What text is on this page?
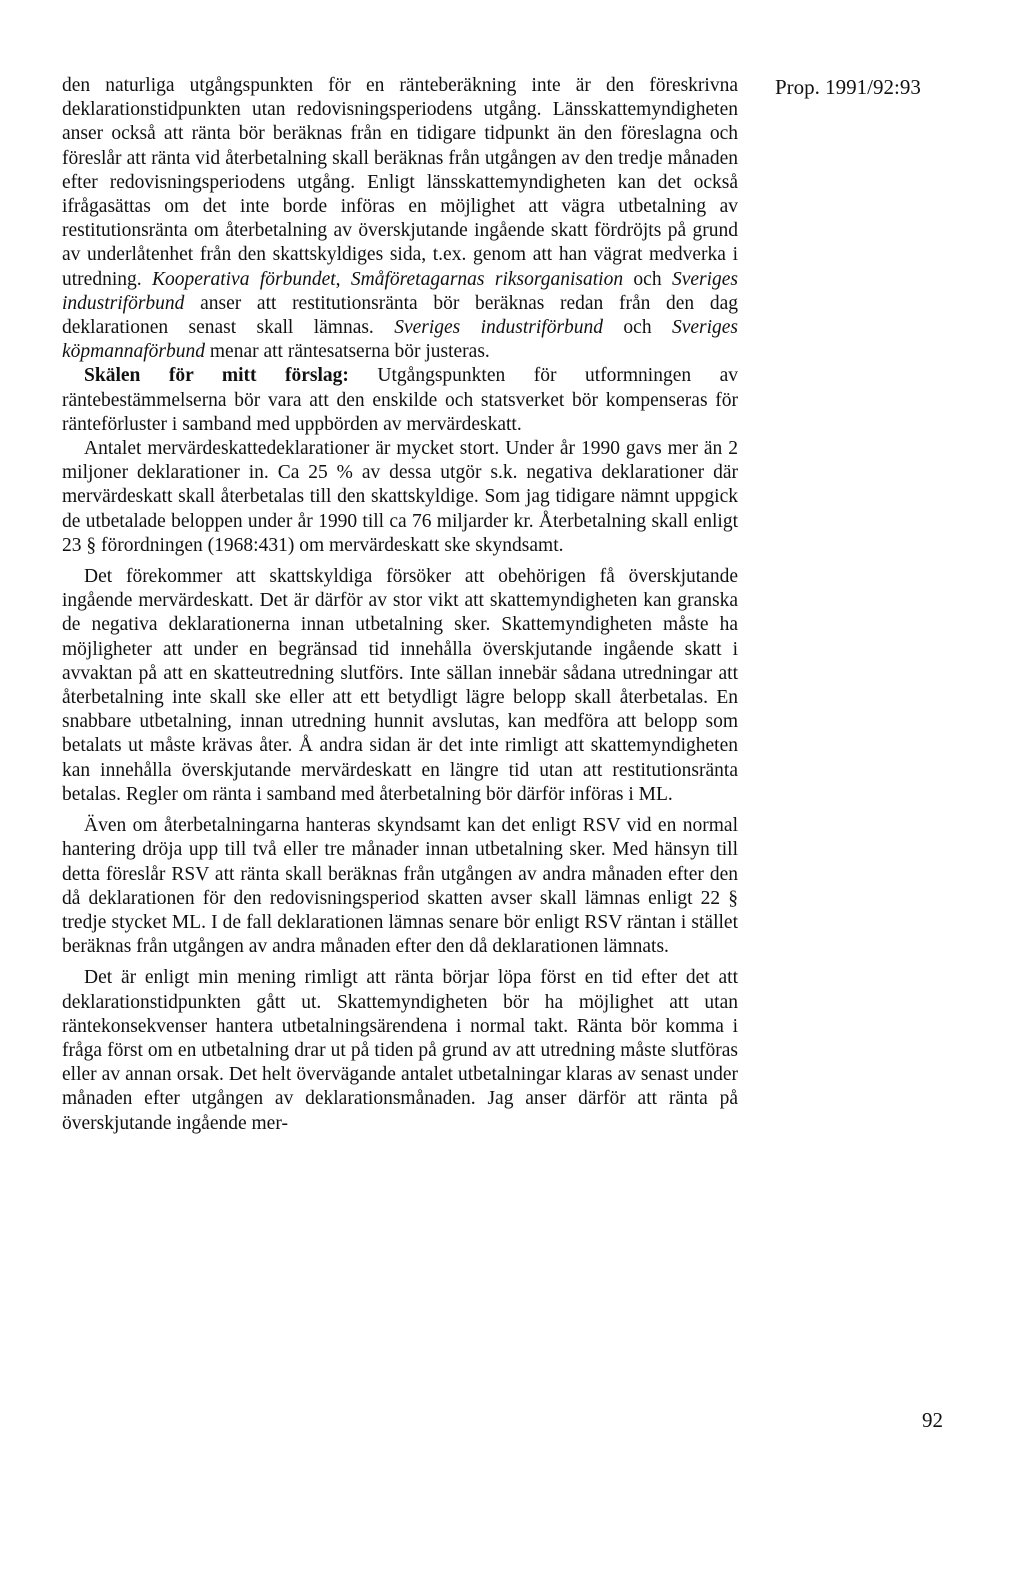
Prop. 1991/92:93

den naturliga utgångspunkten för en ränteberäkning inte är den föreskrivna deklarationstidpunkten utan redovisningsperiodens utgång. Länsskattemyndigheten anser också att ränta bör beräknas från en tidigare tidpunkt än den föreslagna och föreslår att ränta vid återbetalning skall beräknas från utgången av den tredje månaden efter redovisningsperiodens utgång. Enligt länsskattemyndigheten kan det också ifrågasättas om det inte borde införas en möjlighet att vägra utbetalning av restitutionsränta om återbetalning av överskjutande ingående skatt fördröjts på grund av underlåtenhet från den skattskyldiges sida, t.ex. genom att han vägrat medverka i utredning. Kooperativa förbundet, Småföretagarnas riksorganisation och Sveriges industriförbund anser att restitutionsränta bör beräknas redan från den dag deklarationen senast skall lämnas. Sveriges industriförbund och Sveriges köpmannaförbund menar att räntesatserna bör justeras.

Skälen för mitt förslag: Utgångspunkten för utformningen av räntebestämmelserna bör vara att den enskilde och statsverket bör kompenseras för ränteförluster i samband med uppbörden av mervärdeskatt.

Antalet mervärdeskattedeklarationer är mycket stort. Under år 1990 gavs mer än 2 miljoner deklarationer in. Ca 25 % av dessa utgör s.k. negativa deklarationer där mervärdeskatt skall återbetalas till den skattskyldige. Som jag tidigare nämnt uppgick de utbetalade beloppen under år 1990 till ca 76 miljarder kr. Återbetalning skall enligt 23 § förordningen (1968:431) om mervärdeskatt ske skyndsamt.

Det förekommer att skattskyldiga försöker att obehörigen få överskjutande ingående mervärdeskatt. Det är därför av stor vikt att skattemyndigheten kan granska de negativa deklarationerna innan utbetalning sker. Skattemyndigheten måste ha möjligheter att under en begränsad tid innehålla överskjutande ingående skatt i avvaktan på att en skatteutredning slutförs. Inte sällan innebär sådana utredningar att återbetalning inte skall ske eller att ett betydligt lägre belopp skall återbetalas. En snabbare utbetalning, innan utredning hunnit avslutas, kan medföra att belopp som betalats ut måste krävas åter. Å andra sidan är det inte rimligt att skattemyndigheten kan innehålla överskjutande mervärdeskatt en längre tid utan att restitutionsränta betalas. Regler om ränta i samband med återbetalning bör därför införas i ML.

Även om återbetalningarna hanteras skyndsamt kan det enligt RSV vid en normal hantering dröja upp till två eller tre månader innan utbetalning sker. Med hänsyn till detta föreslår RSV att ränta skall beräknas från utgången av andra månaden efter den då deklarationen för den redovisningsperiod skatten avser skall lämnas enligt 22 § tredje stycket ML. I de fall deklarationen lämnas senare bör enligt RSV räntan i stället beräknas från utgången av andra månaden efter den då deklarationen lämnats.

Det är enligt min mening rimligt att ränta börjar löpa först en tid efter det att deklarationstidpunkten gått ut. Skattemyndigheten bör ha möjlighet att utan räntekonsekvenser hantera utbetalningsärendena i normal takt. Ränta bör komma i fråga först om en utbetalning drar ut på tiden på grund av att utredning måste slutföras eller av annan orsak. Det helt övervägande antalet utbetalningar klaras av senast under månaden efter utgången av deklarationsmånaden. Jag anser därför att ränta på överskjutande ingående mer-

92
